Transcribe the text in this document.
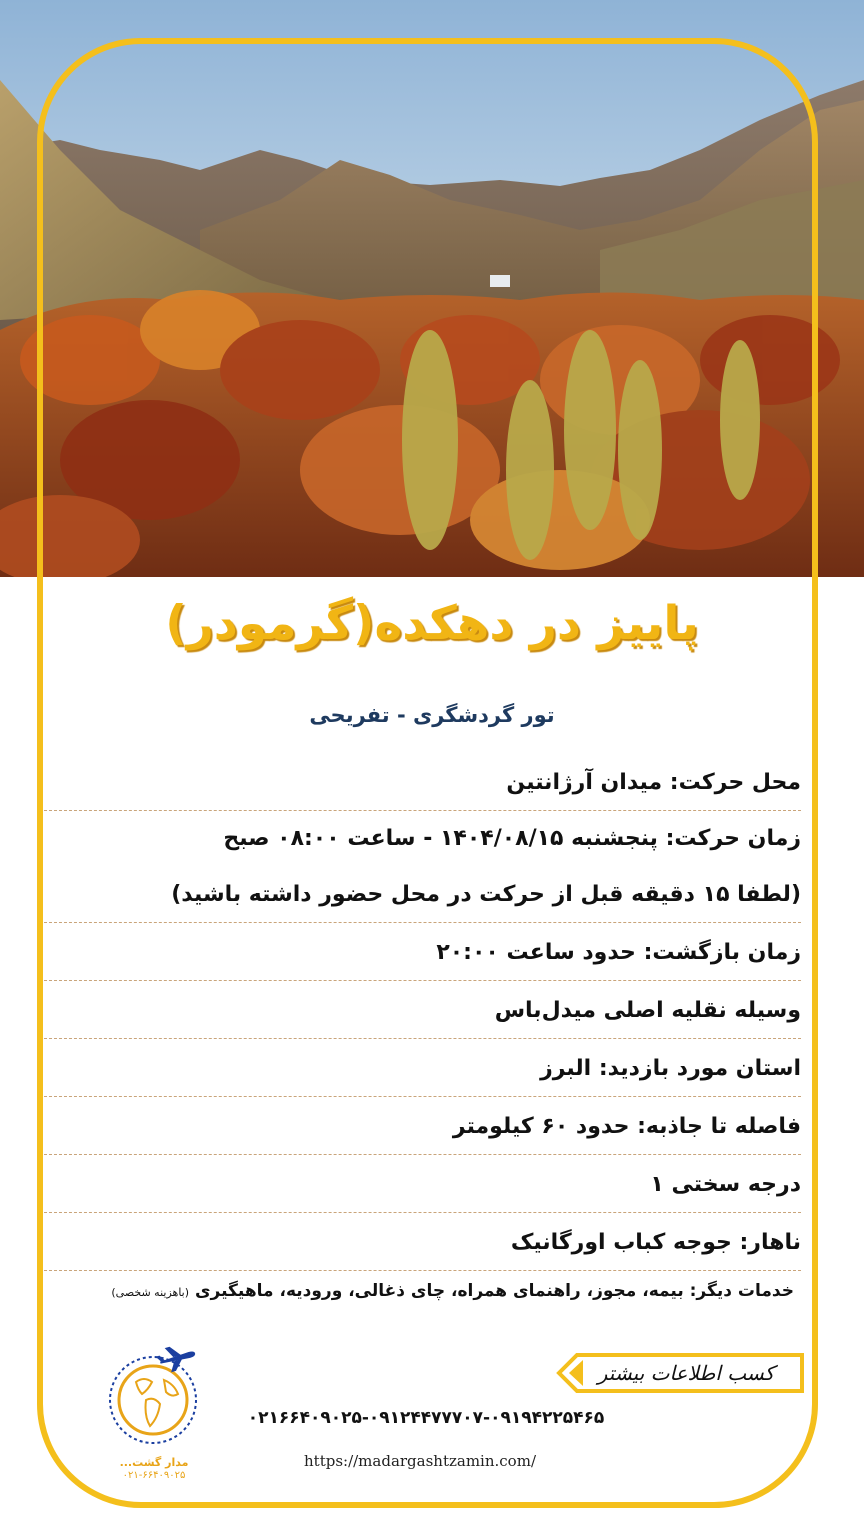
پاییز در دهکده(گرمودر)
تور گردشگری - تفریحی
محل حرکت: میدان آرژانتین
زمان حرکت: پنجشنبه ۱۴۰۴/۰۸/۱۵ - ساعت ۰۸:۰۰ صبح
(لطفا ۱۵ دقیقه قبل از حرکت در محل حضور داشته باشید)
زمان بازگشت: حدود ساعت ۲۰:۰۰
وسیله نقلیه اصلی میدل‌باس
استان مورد بازدید: البرز
فاصله تا جاذبه: حدود ۶۰ کیلومتر
درجه سختی ۱
ناهار: جوجه کباب اورگانیک
خدمات دیگر: بیمه، مجوز، راهنمای همراه، چای ذغالی، ورودیه، ماهیگیری (باهزینه شخصی)
کسب اطلاعات بیشتر
۰۲۱۶۶۴۰۹۰۲۵-۰۹۱۲۴۴۷۷۷۰۷-۰۹۱۹۴۲۲۵۴۶۵
https://madargashtzamin.com/
مدار گشت...
۰۲۱-۶۶۴۰۹۰۲۵
